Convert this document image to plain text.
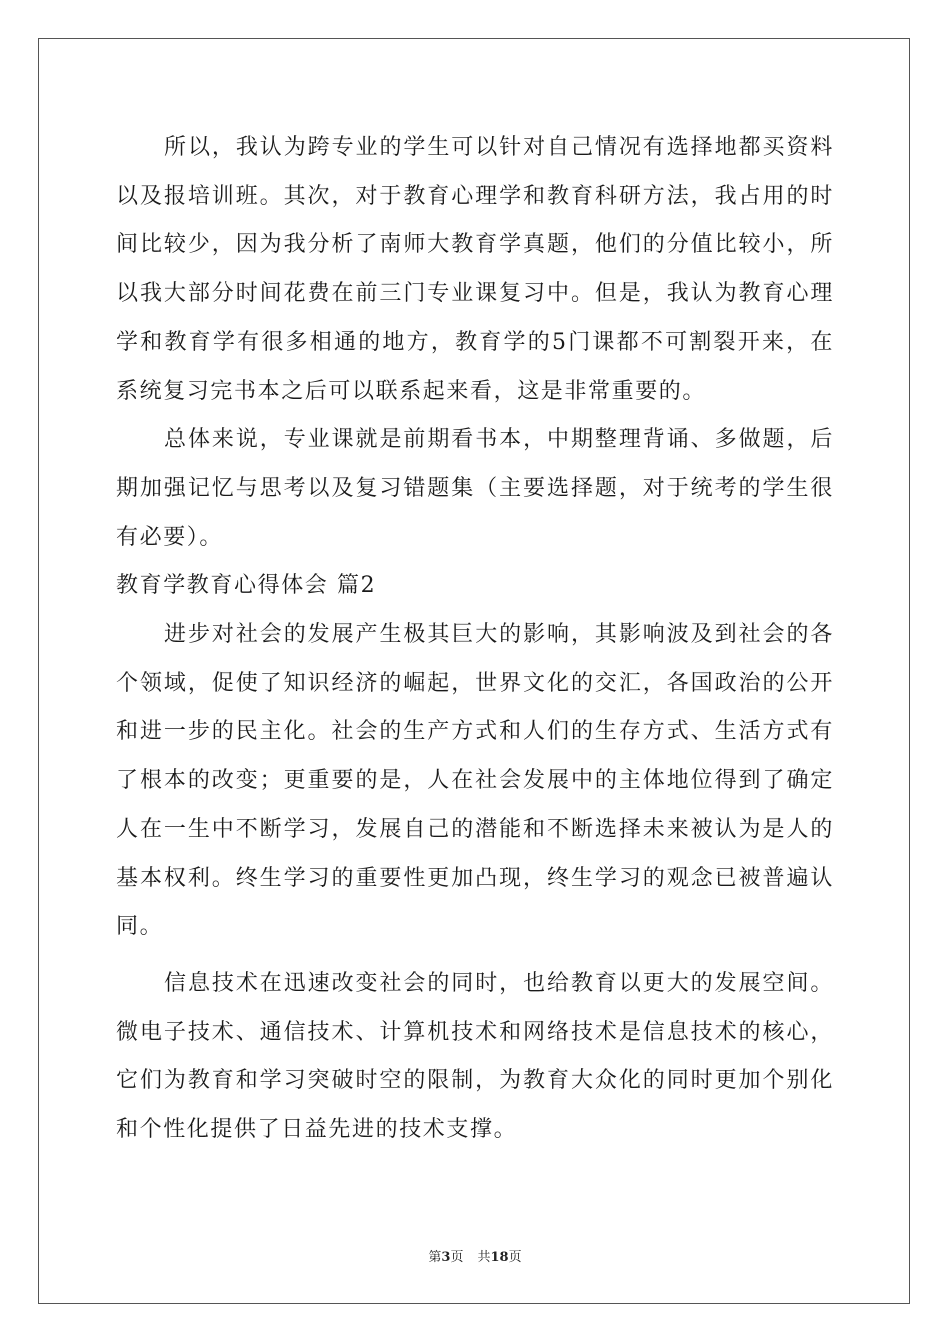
所以，我认为跨专业的学生可以针对自己情况有选择地都买资料以及报培训班。其次，对于教育心理学和教育科研方法，我占用的时间比较少，因为我分析了南师大教育学真题，他们的分值比较小，所以我大部分时间花费在前三门专业课复习中。但是，我认为教育心理学和教育学有很多相通的地方，教育学的5门课都不可割裂开来，在系统复习完书本之后可以联系起来看，这是非常重要的。

总体来说，专业课就是前期看书本，中期整理背诵、多做题，后期加强记忆与思考以及复习错题集（主要选择题，对于统考的学生很有必要）。

教育学教育心得体会 篇2

进步对社会的发展产生极其巨大的影响，其影响波及到社会的各个领域，促使了知识经济的崛起，世界文化的交汇，各国政治的公开和进一步的民主化。社会的生产方式和人们的生存方式、生活方式有了根本的改变；更重要的是，人在社会发展中的主体地位得到了确定人在一生中不断学习，发展自己的潜能和不断选择未来被认为是人的基本权利。终生学习的重要性更加凸现，终生学习的观念已被普遍认同。

信息技术在迅速改变社会的同时，也给教育以更大的发展空间。微电子技术、通信技术、计算机技术和网络技术是信息技术的核心，它们为教育和学习突破时空的限制，为教育大众化的同时更加个别化和个性化提供了日益先进的技术支撑。

第3页 共18页
